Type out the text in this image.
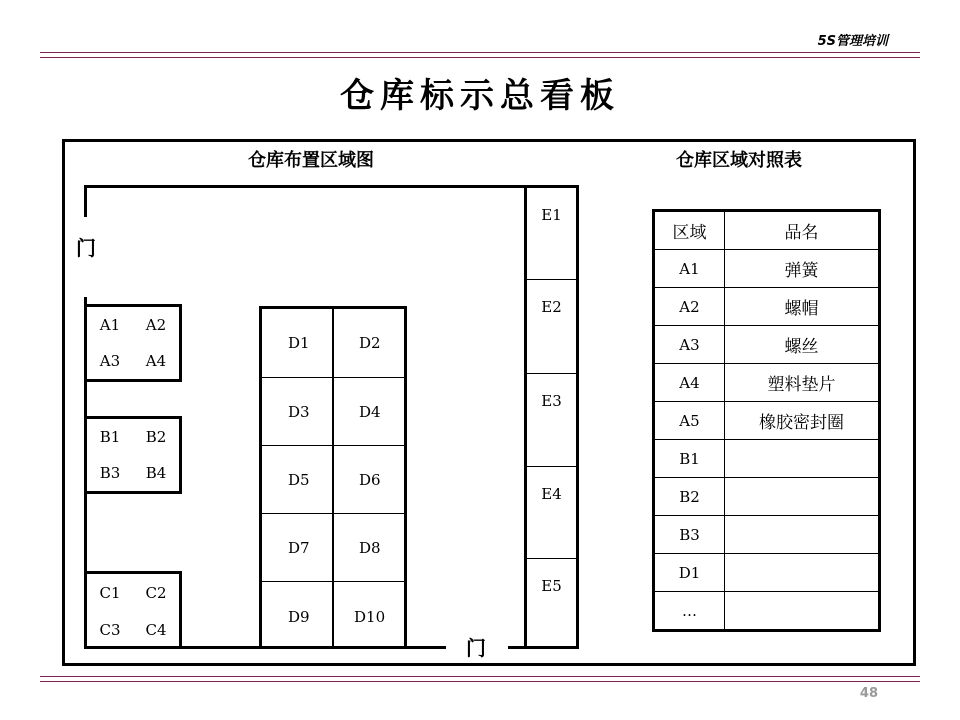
5S管理培训
仓库标示总看板
仓库布置区域图	仓库区域对照表
门
门
A1	A2
A3	A4
B1	B2
B3	B4
C1	C2
C3	C4
D1	D2
D3	D4
D5	D6
D7	D8
D9	D10
E1
E2
E3
E4
E5
区域	品名
A1	弹簧
A2	螺帽
A3	螺丝
A4	塑料垫片
A5	橡胶密封圈
B1	
B2	
B3	
D1	
…	
48
